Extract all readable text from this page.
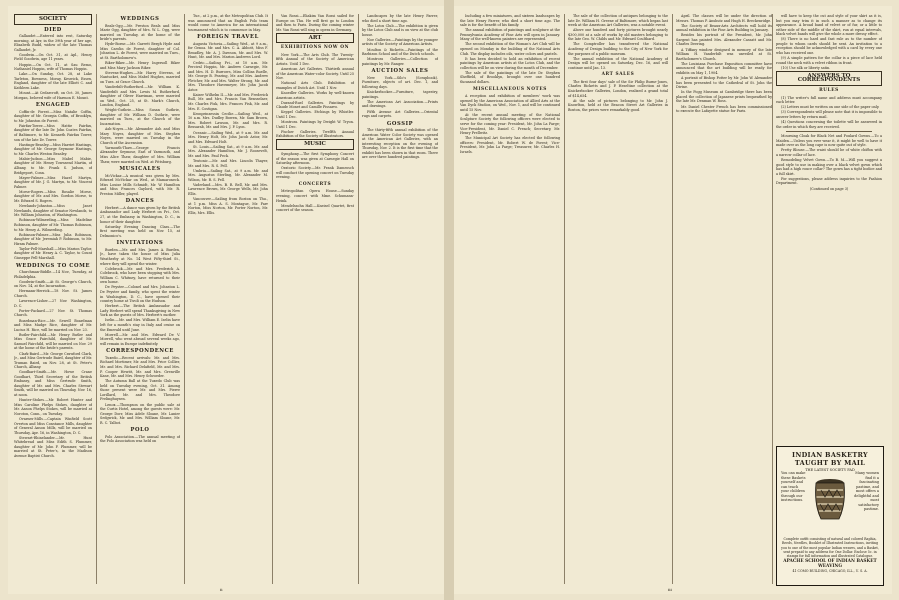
SOCIETY
DIED

Gallaudet.—Entered into rest, Saturday morning, at Ayr, in the 39th year of her age, Elizabeth Budd, widow of the late Thomas Gallaudet, Jr.

Goodwin.—On Oct. 31, at Apl., Henry Field Goodwin, age 11 years.

Hoppin.—On Oct. 11, at Sau Remo, Nathaniel Hoppin, wife of Thomas Hoppin.

Lake.—On Sunday, Oct. 28, at Lake Tarleton, Bowness, Moray, Keswick, Essex, England, daughter of the late Elliott C. and Kathleen Lake.

Mount.—At Cedarcroft, on Oct. 30, James Morgan, beloved wife of Harmon E. Mount.

ENGAGED

Coffin-de Forest.—Miss Natalie Coffin, daughter of Mr. Georgia Coffin, of Brooklyn, to Mr. Johnston de Forest.

Fairfax-Tower.—Miss Hattie Fairfax, daughter of the late Dr. John Coates Fairfax, of Baltimore, to Mr. Kenneth Fairfax Tower, son of the late Dr. Tower.

Hastings-Beasley.—Miss Harriet Hastings, daughter of Mr. George Seymour Hastings, to Mr. Charles Weston Beasley.

Mabie-Judson.—Miss Mabel Mabie, daughter of Mr. Henry Townsend Martin, of Albany, to Mr. Frank S. Judson, of Bridgeport, Conn.

Mayer-Palmer.—Miss Hazel Martyn, daughter of Mr. J. G. Martyn, to Mr. Vincent Palmer.

Morse-Rogers.—Miss Rosalie Morse, daughter of Mr. and Mrs. Gordon Morse, to Mr. Edward S. Rogers.

Newlands-Johnston.—Miss Janet Newlands, daughter of Senator Newlands, to Mr. William Johnston, of Washington.

Robinson-Wilmerding.—Miss Madeline Robinson, daughter of Mr. Thomas Robinson, to Mr. Henry A. Wilmerding.

Robinson-Palmer.—Miss Julia Robinson, daughter of Mr. Jeremiah P. Robinson, to Mr. Hiram Palmer.

Taylor-Pell-Marshall.—Miss Marion Taylor, daughter of Mr. Henry A. C. Taylor, to Count Giuseppe Pell-Marshall.

WEDDINGS TO COME

Churchman-Biddle.—14 Nov., Tuesday, at Philadelphia.

Goodwin-Smith.—At St. George's Church, on Nov. 14, at the Incarnation.

Hermann-Herrick.—18 Nov. St. James Church.

Lawrence-Lisher.—27 Nov. Washington, D. C.

Porter-Packard.—27 Nov. St. Thomas Church.

Boardman-Rice.—Mr. Sewell Boardman and Miss Madge Rice, daughter of Mr. Lucius H. Rice, will be married on Nov. 23.

Butler-Fairchild.—Mr. Henry Butler and Miss Grace Fairchild, daughter of Mr. Samuel Fairchild, will be married on Nov. 29 at the home of the bride's parents.

Clark-Baird.—Mr. George Crawford Clark, Jr., and Miss Gertrude Baird, daughter of Mr. Truman Baird, on Nov. 28, at St. Peter's Church, Albany.

Goodhart-Smith.—Mr. Howe Crane Goodhart, Third Secretary of the British Embassy, and Miss Gertrude Smith, daughter of Mr. and Mrs. Charles Stewart Smith, will be married on Thursday, Nov. 16, at noon.

Hunter-Stokes.—Mr. Robert Hunter and Miss Caroline Phelps Stokes, daughter of Mr. Anson Phelps Stokes, will be married at Noroton, Conn., on Tuesday.

Ovarnes-Mills.—Captain Winfield Scott Overton and Miss Constance Mills, daughter of General Anson Mills, will be married on Thursday, Apr. 16, in Washington, D. C.

Stewart-Rhinelander.—Mr. Hunt Whitebread and Miss Edith S. Plummer, daughter of Mr. John F. Plummer, will be married at St. Peter's, in the Madison Avenue Baptist Church.

WEDDINGS

Beals-Ogg.—Mr. Preston Beals and Miss Marie Ogg, daughter of Mrs. W. L. Ogg, were married on Tuesday, at the home of the bride's parents.

Hyde-Borne.—Mr. Garrett Bergh Hyde and Miss Carolin de Forest, daughter of Col. Johnston L. de Forest, were married on Tues., at St. Bartholomew's.

Riker-Riker.—Mr. Henry Ingersoll Riker and Miss Mary Jackson Riker.

Stevens-Hughes.—Mr. Harry Stevens, of Nantucket, and Miss Mabel Hughes, married on Tues. at Grace Church.

Vanderbilt-Rutherfurd.—Mr. William K. Vanderbilt and Mrs. Lewis M. Rutherfurd, daughter of Oliver Harriman, were married on Wed., Oct. 25, at St. Mark's Church, London, England.

Wright-Guthrie.—Miss Susan Guthrie, daughter of Mr. William D. Guthrie, were married on Tues., at the Church of the Incarnation.

Ash-Noyes.—Mr. Alexander Ash and Miss Mary Noyes, daughter of Mrs. Stephen Noyes, were married on Tuesday in the Church of the Ascension.

Yarmouth-Thaw.—George Francis Alexander Seymour, Earl of Yarmouth, and Miss Alice Thaw, daughter of Mrs. William Thaw, were married on Wed. at Pittsburg.

MUSICALES

McVickar.—A musical was given by Mrs. Edward McVickar on Wed., at Mamaroneck. Miss Louise Mills Schmidt, Mr. W. Hamilton and Miss Frances Gaylord, with Mr. R. Preston Miller, played.

DANCES

Herbert.—A dance was given by the British Ambassador and Lady Herbert on Fri., Oct. 27, at the Embassy in Washington, D. C., in honor of their daughter.

Saturday Evening Dancing Class.—The first meeting was held on Nov. 15, at Delmonico's.

INVITATIONS

Burden.—Mr. and Mrs. James A. Burden, Jr., have taken the house of Miss Julia Weatherby at No. 14 West Fifty-third St., where they will spend the winter.

Colebrook.—Mr. and Mrs. Frederick A. Colebrook, who have been stopping with Mrs. William C. Whitney, have returned to their own home.

De Peyster.—Colonel and Mrs. Johnston L. De Peyster and family, who spent the winter in Washington, D. C., have opened their country home at Tivoli on the Hudson.

Herbert.—The British Ambassador and Lady Herbert will spend Thanksgiving in New York as the guests of Mrs. Herbert's mother.

Iselin.—Mr. and Mrs. William E. Iselin have left for a month's stay in Italy and cruise on the Emerald until June.

Morrell.—Mr. and Mrs. Edward De V. Morrell, who went abroad several weeks ago, will remain in Europe indefinitely.

CORRESPONDENCE

Tuxedo.—Recent arrivals: Mr. and Mrs. Richard Mortimer, Mr. and Mrs. Price Collier, Mr. and Mrs. Richard Delafield, Mr. and Mrs. P. Cooper Hewitt, Mr. and Mrs. Grenville Kane, Mr. and Mrs. Henry Schroeder.

The Autumn Ball at the Tuxedo Club was held on Tuesday evening, Oct. 31. Among those present were Mr. and Mrs. Pierre Lorillard, Mr. and Mrs. Theodore Frelinghuysen.

Lenox.—Thompson on the public sale at the Curtis Hotel, among the guests were: Mr. George Dorr, Miss Adele Sloane, Mr. Lanier Sedgwick, Mr. and Mrs. William Sloane, Mr. R. C. Talbot.

POLO

Polo Association.—The annual meeting of the Polo Association was held on

Tue., at 2 p.m., at the Metropolitan Club. It was announced that an English Polo team would come to America for an international tournament which is to commence in May.

FOREIGN TRAVEL

Augusta Victoria.—Sailing Wed., at 9 a.m., for Genoa. Mr. and Mrs. C. A. Abbott, Miss F. Broadley, Mr. A. J. Dawson, Mr. and Mrs. W. Hunt, Mr. and Mrs. Marion Andrews Lord.

Cedric.—Sailing Fri., at 10 a.m. Mr. Percival Hoppin, Mr. Andrew Carnegie, Mr. and Mrs. H. D. Burrows, Miss Collins Ruelle, Mr. George B. Fearing, Mr. and Mrs. Andrew Fletcher, Mr. and Mrs. Walter Strong, Mr. and Mrs. Theodore Havemeyer, Mr. John Jacob Astor.

Kaiser Wilhelm II.—Mr. and Mrs. Frederick Bull, Mr. and Mrs. Francis Van Rensselaer, Mr. Charles Fisk, Mrs. Frances Fisk, Mr. and Mrs. E. Costigan.

Kronprinzessin Cecilie.—Sailing Wed., at 10 a.m. Mrs. Dudley Bowen, Mr. Sam Brown, Mrs. Robert Lawson, Mr. and Mrs. R. Bessarab, Mr. and Mrs. J. P. Lyon.

Oceanic.—Sailing Wed., at 9 a.m. Mr. and Mrs. Henry Holt, Mr. John Jacob Astor, Mr. and Mrs. Edward Holt.

St. Louis.—Sailing Sat., at 9 a.m. Mr. and Mrs. Alexander Hamilton, Mr. J. Roosevelt, Mr. and Mrs. Paul Peck.

Teutonic.—Mr. and Mrs. Lincoln Thayer, Mr. and Mrs. R. S. Pell.

Umbria.—Sailing Sat., at 9 a.m. Mr. and Mrs. Augustus Sterling, Mr. Alexander M. Wilson, Mr. R. S. Pell.

Vaderland.—Mrs. B. R. Bell, Mr. and Mrs. Lawrence Brown, Mr. George Wells, Mr. John Ellis.

Vancouver.—Sailing from Boston on Thu., at 1 p.m. Miss A. S. Montague, Mr. Farr Norton, Miss Norton, Mr. Porter Norton, Mr. Ellis, Mrs. Ellis.

Van Rossi.—Eliakim Van Rossi sailed for Europe on Thu. He will first go to London and then to Paris. During the coming winter Mr. Van Rossi will sing in opera in Germany.

ART
EXHIBITIONS NOW ON

New York.—The Arts Club. The Twenty-fifth Annual of the Society of American Artists. Until 1 Dec.

American Art Galleries. Thirtieth annual of the American Water-color Society. Until 25 Nov.

National Arts Club. Exhibition of examples of Dutch Art. Until 1 Nov.

Knoedler Galleries. Works by well-known American artists.

Durand-Ruel Galleries. Paintings by Claude Monet and Camille Pissarro.

Keppel Galleries. Etchings by Whistler. Until 1 Dec.

Montross. Paintings by Dwight W. Tryon. Until 1 Dec.

Fischer Galleries. Twelfth Annual Exhibition of the Society of Illustrators.

MUSIC

Symphony.—The first Symphony Concert of the season was given at Carnegie Hall on Saturday afternoon.

Oratorio Society.—Mr. Frank Damrosch will conduct the opening concert on Tuesday evening.

CONCERTS

Metropolitan Opera House.—Sunday evening, concert with Mme. Schumann-Heink.

Mendelssohn Hall.—Kneisel Quartet, first concert of the season.

Landscapes by the late Henry Farrer, who died a short time ago.

The Lotos Club.—The exhibition is given by the Lotos Club and is on view at the club house.

Noe Galleries.—Paintings by the younger artists of the Society of American Artists.

Moulton & Ricketts.—Paintings of the Barbizon School and of the Dutch schools.

Montross Galleries.—Collection of paintings by Mr. Ranger.

AUCTION SALES

New York.—Silo's (Scrapbook). Furniture, objects of art. Dec. 1, and following days.

Knickerbocker.—Furniture, tapestry, paintings.

The American Art Association.—Prints and drawings.

Fifth Avenue Art Galleries.—Oriental rugs and carpets.

GOSSIP

The thirty-fifth annual exhibition of the American Water Color Society was opened at the American Art Galleries, with an interesting reception on the evening of Thursday, Nov. 2. It is the first time that the exhibit has been shown in that room. There are over three hundred paintings.

ii

Including a few miniatures, and sixteen landscapes by the late Henry Farrer, who died a short time ago. The sale is for the benefit of his family.

The annual exhibition of paintings and sculpture at the Pennsylvania Academy of Fine Arts will open in January. Many of the well-known painters are represented.

The second exhibition of the Woman's Art Club will be opened on Monday in the building of the National Arts Club. The display includes oils, water colors and pastels.

It has been decided to hold an exhibition of recent paintings by American artists at the Lotos Club, and the collection will be on view during the month of December.

The sale of the paintings of the late Dr. Stephen Sheffield, of Brooklyn, brought over one hundred thousand dollars.

MISCELLANEOUS NOTES

A reception and exhibition of members' work was opened by the American Association of Allied Arts at the Van Dyck Studios, on Wed., Nov. 1, and will be continued until 15 Nov.

At the recent annual meeting of the National Sculpture Society the following officers were elected to serve for the coming year: President, Mr. John La Farge; Vice-President, Mr. Daniel C. French; Secretary, Mr. Henry Prellwitz.

The Municipal Art Society has elected the following officers: President, Mr. Robert W. de Forest; Vice-President, Mr. John La Farge; Treasurer, Mr. Charles H. Israels.

The sale of the collection of antiques belonging to the late Dr. William H. Greene of Baltimore, which began last week at the American Art Galleries, was a notable event.

Above one hundred and forty pictures brought nearly $300,000 at a sale of works by old masters belonging to the late Geo. W. Childs and Mr. Edward Coulthard.

The Comptroller has transferred the National Academy of Design building to the City of New York for the purposes of a public museum.

The annual exhibition of the National Academy of Design will be opened on Saturday, Dec. 16, and will continue until Jan. 13.

ART SALES

The first four days' sale of the Sir Philip Burne-Jones, Charles Ricketts and J. P. Heseltine collection at the Knickerbocker Galleries, London, realized a grand total of $14,654.

At the sale of pictures belonging to Mr. John J. Knowlton, held at the Beacon Street Art Galleries in Boston, the prices were remarkably good.

April. The classes will be under the direction of Messrs. Thomas P. Anshutz and Hugh H. Breckenridge.

The Society of Beaux-Arts Architects will hold its annual exhibition in the Fine Arts Building in January.

Besides his portrait of the President, Mr. John Sargent has painted Mrs. Alexander Cassatt and Mr. Charles Deering.

A Tiffany window designed in memory of the late William H. Vanderbilt was unveiled at St. Bartholomew's Church.

The Louisiana Purchase Exposition committee have announced that the art building will be ready for exhibits on May 1, 1904.

A portrait of Bishop Potter by Mr. John W. Alexander has been presented to the Cathedral of St. John the Divine.

In the Fogg Museum at Cambridge there has been placed the collection of Japanese prints bequeathed by the late Mr. Denman W. Ross.

Mr. Daniel Chester French has been commissioned to execute the Lafayette statue for Paris.

will have to keep the cut and style of your skirt as it is, but you may trim it in such a manner as to change its appearance. A broad band of velvet or of fur, or a little to either side of the middle of the skirt, run at equal intervals, black velvet bands will give the whole a more dressy effect.

(8) There is no hard and fast rule as to the number of people to whom cards should be sent. An invitation to a reception should be acknowledged with a card by every one who has received one.

(9) A simple pattern for the collar is a piece of lace held round the neck with a velvet ribbon in front.

(10) Use silk or liberty satin.

ANSWERS TO CORRESPONDENTS
RULES

(1) The writer's full name and address must accompany each letter.

(2) Letters must be written on one side of the paper only.

(3) Correspondents will please note that it is impossible to answer letters by return mail.

(4) Questions concerning the toilette will be answered in the order in which they are received.

Mourning Cloak for Black Net and Foulard Gowns.—To a Maiden.—Unless you ever wear it, it might be well to have it made over as the long cape is now quite out of style.

Pretty Blouse.—The waist should be of white chiffon with a narrow collar of lace.

Remodeling Velvet Gown.—To B. M.—Will you suggest a good style to use in making over a black velvet gown which has had a high rouce collar? The gown has a tight bodice and a full skirt.

For suggestions, please address inquiries to the Fashion Department.

(Continued on page 3)
INDIAN BASKETRY TAUGHT BY MAIL
THE LATEST SOCIETY FAD
You can make these Baskets yourself and can teach your children through our instructions.
Many women find it a fascinating pastime, and most offers a delightful and most satisfactory pastime.
Complete outfit consisting of natural and colored Raphia, Reeds, Needles, Booklet of Illustrated Instructions, inviting you to one of the most popular Indian weaves, and a Basket, sent prepaid to any address for One Dollar. Enclose 5c. in stamps for full information and illustrated Catalogue.
APACHE SCHOOL OF INDIAN BASKET WEAVING
41 COMO BUILDING, CHICAGO, ILL., U. S. A.
iii
